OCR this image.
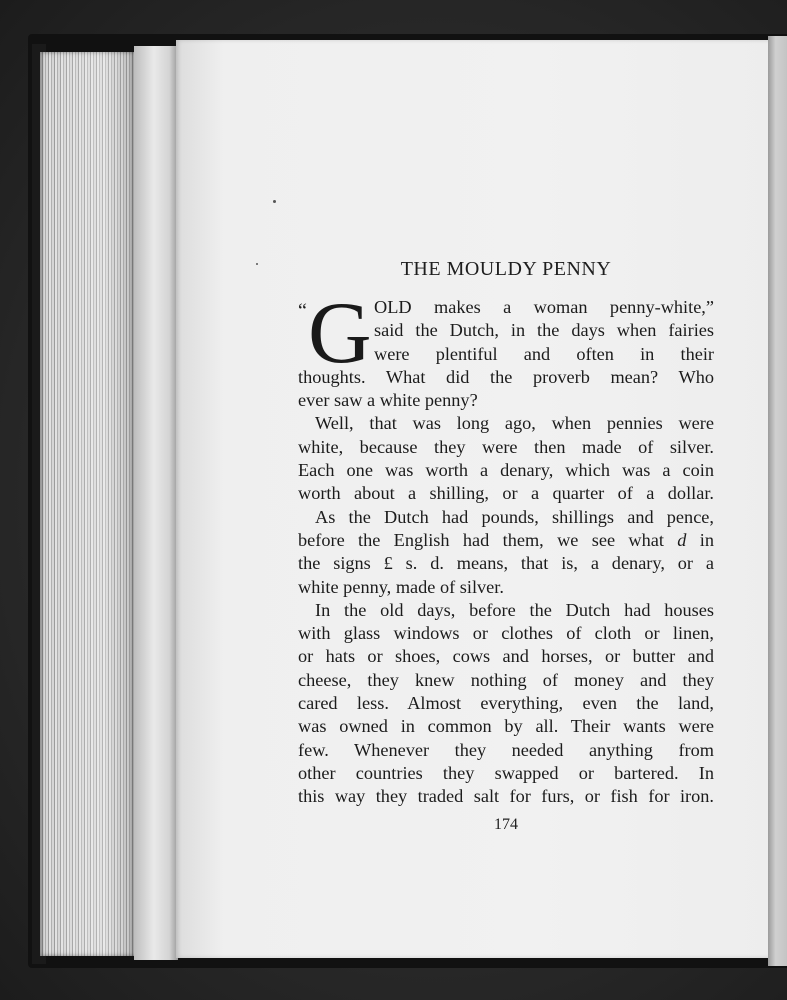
THE MOULDY PENNY
“ G OLD makes a woman penny-white,”
said the Dutch, in the days when fairies
were plentiful and often in their
thoughts. What did the proverb mean? Who
ever saw a white penny?
Well, that was long ago, when pennies were
white, because they were then made of silver.
Each one was worth a denary, which was a coin
worth about a shilling, or a quarter of a dollar.
As the Dutch had pounds, shillings and pence,
before the English had them, we see what d in
the signs £ s. d. means, that is, a denary, or a
white penny, made of silver.
In the old days, before the Dutch had houses
with glass windows or clothes of cloth or linen,
or hats or shoes, cows and horses, or butter and
cheese, they knew nothing of money and they
cared less. Almost everything, even the land,
was owned in common by all. Their wants were
few. Whenever they needed anything from
other countries they swapped or bartered. In
this way they traded salt for furs, or fish for iron.
174
